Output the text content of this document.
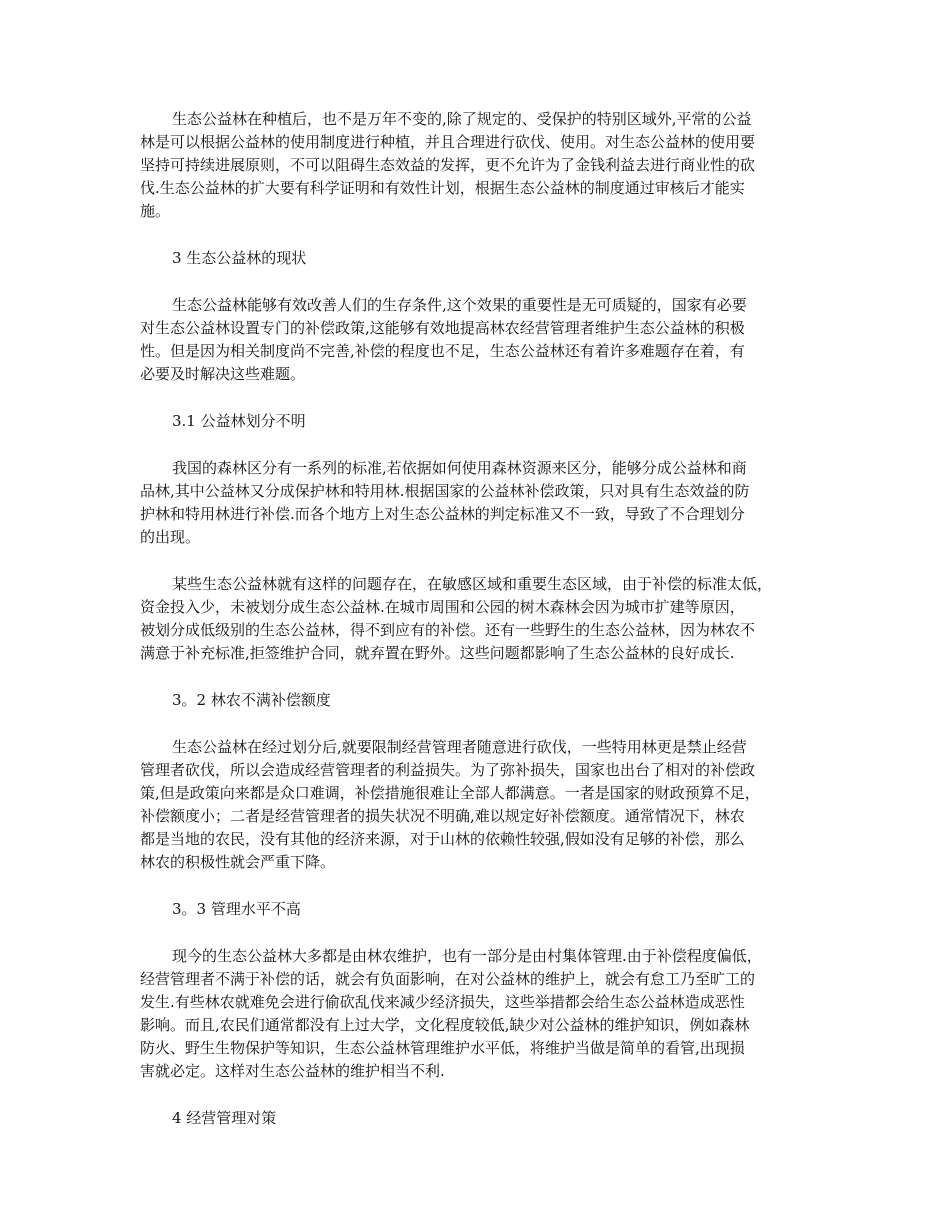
生态公益林在种植后，也不是万年不变的,除了规定的、受保护的特别区域外,平常的公益
林是可以根据公益林的使用制度进行种植，并且合理进行砍伐、使用。对生态公益林的使用要
坚持可持续进展原则，不可以阻碍生态效益的发挥，更不允许为了金钱利益去进行商业性的砍
伐.生态公益林的扩大要有科学证明和有效性计划，根据生态公益林的制度通过审核后才能实
施。
3 生态公益林的现状
生态公益林能够有效改善人们的生存条件,这个效果的重要性是无可质疑的，国家有必要
对生态公益林设置专门的补偿政策,这能够有效地提高林农经营管理者维护生态公益林的积极
性。但是因为相关制度尚不完善,补偿的程度也不足，生态公益林还有着许多难题存在着，有
必要及时解决这些难题。
3.1 公益林划分不明
我国的森林区分有一系列的标准,若依据如何使用森林资源来区分，能够分成公益林和商
品林,其中公益林又分成保护林和特用林.根据国家的公益林补偿政策，只对具有生态效益的防
护林和特用林进行补偿.而各个地方上对生态公益林的判定标准又不一致，导致了不合理划分
的出现。
某些生态公益林就有这样的问题存在，在敏感区域和重要生态区域，由于补偿的标准太低，
资金投入少，未被划分成生态公益林.在城市周围和公园的树木森林会因为城市扩建等原因，
被划分成低级别的生态公益林，得不到应有的补偿。还有一些野生的生态公益林，因为林农不
满意于补充标准,拒签维护合同，就弃置在野外。这些问题都影响了生态公益林的良好成长.
3。2 林农不满补偿额度
生态公益林在经过划分后,就要限制经营管理者随意进行砍伐，一些特用林更是禁止经营
管理者砍伐，所以会造成经营管理者的利益损失。为了弥补损失，国家也出台了相对的补偿政
策,但是政策向来都是众口难调，补偿措施很难让全部人都满意。一者是国家的财政预算不足，
补偿额度小；二者是经营管理者的损失状况不明确,难以规定好补偿额度。通常情况下，林农
都是当地的农民，没有其他的经济来源，对于山林的依赖性较强,假如没有足够的补偿，那么
林农的积极性就会严重下降。
3。3 管理水平不高
现今的生态公益林大多都是由林农维护，也有一部分是由村集体管理.由于补偿程度偏低，
经营管理者不满于补偿的话，就会有负面影响，在对公益林的维护上，就会有怠工乃至旷工的
发生.有些林农就难免会进行偷砍乱伐来减少经济损失，这些举措都会给生态公益林造成恶性
影响。而且,农民们通常都没有上过大学，文化程度较低,缺少对公益林的维护知识，例如森林
防火、野生生物保护等知识，生态公益林管理维护水平低，将维护当做是简单的看管,出现损
害就必定。这样对生态公益林的维护相当不利.
4 经营管理对策
